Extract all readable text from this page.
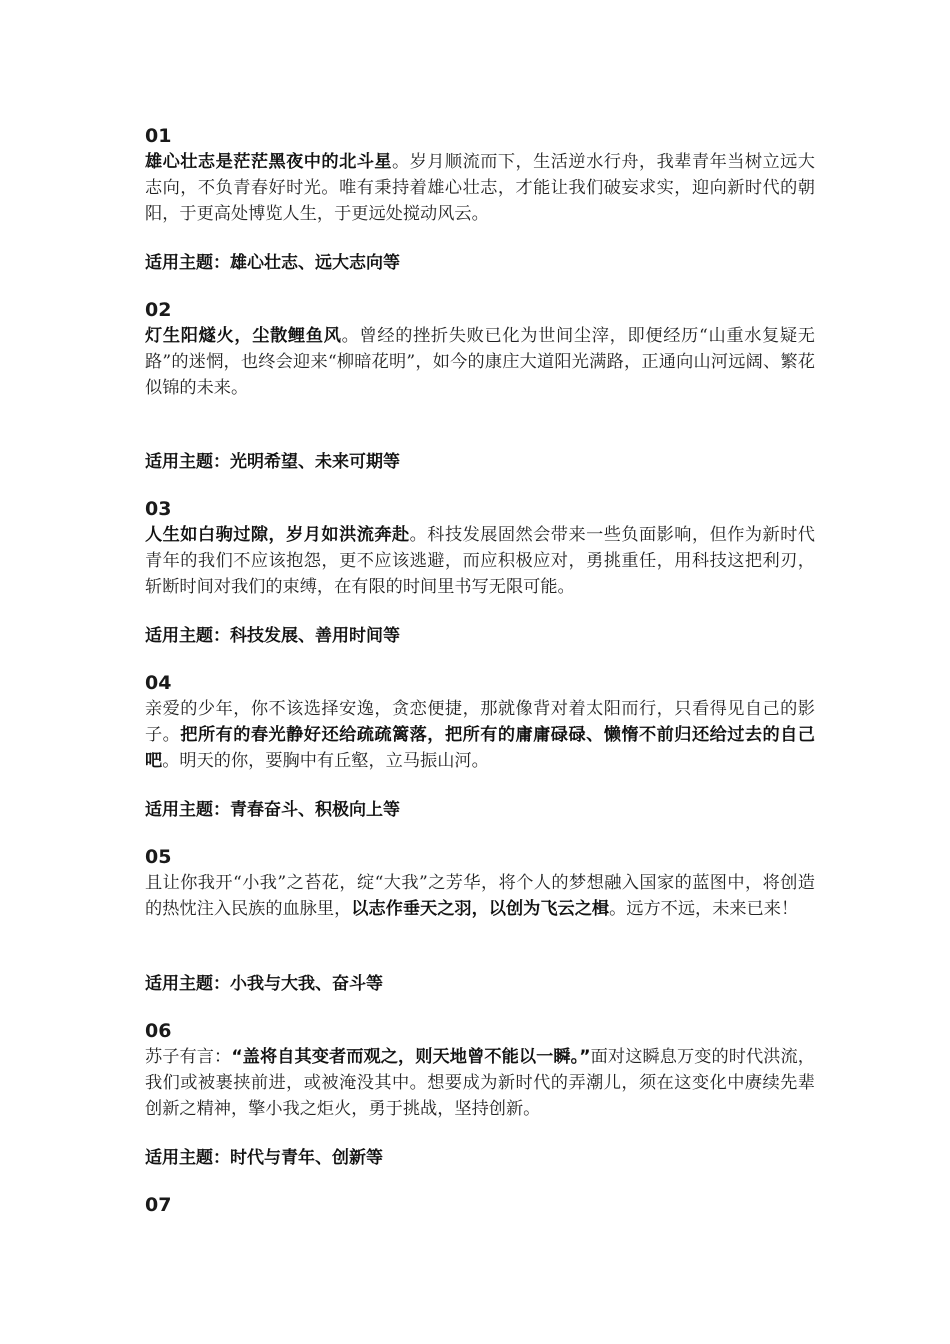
01

雄心壮志是茫茫黑夜中的北斗星。岁月顺流而下，生活逆水行舟，我辈青年当树立远大志向，不负青春好时光。唯有秉持着雄心壮志，才能让我们破妄求实，迎向新时代的朝阳，于更高处博览人生，于更远处搅动风云。

适用主题：雄心壮志、远大志向等

02

灯生阳燧火，尘散鲤鱼风。曾经的挫折失败已化为世间尘滓，即便经历“山重水复疑无路”的迷惘，也终会迎来“柳暗花明”，如今的康庄大道阳光满路，正通向山河远阔、繁花似锦的未来。

适用主题：光明希望、未来可期等

03

人生如白驹过隙，岁月如洪流奔赴。科技发展固然会带来一些负面影响，但作为新时代青年的我们不应该抱怨，更不应该逃避，而应积极应对，勇挑重任，用科技这把利刃，斩断时间对我们的束缚，在有限的时间里书写无限可能。

适用主题：科技发展、善用时间等

04

亲爱的少年，你不该选择安逸，贪恋便捷，那就像背对着太阳而行，只看得见自己的影子。把所有的春光静好还给疏疏篱落，把所有的庸庸碌碌、懒惰不前归还给过去的自己吧。明天的你，要胸中有丘壑，立马振山河。

适用主题：青春奋斗、积极向上等

05

且让你我开“小我”之苔花，绽“大我”之芳华，将个人的梦想融入国家的蓝图中，将创造的热忱注入民族的血脉里，以志作垂天之羽，以创为飞云之楫。远方不远，未来已来！

适用主题：小我与大我、奋斗等

06

苏子有言：“盖将自其变者而观之，则天地曾不能以一瞬。”面对这瞬息万变的时代洪流，我们或被裹挟前进，或被淹没其中。想要成为新时代的弄潮儿，须在这变化中赓续先辈创新之精神，擎小我之炬火，勇于挑战，坚持创新。

适用主题：时代与青年、创新等

07
